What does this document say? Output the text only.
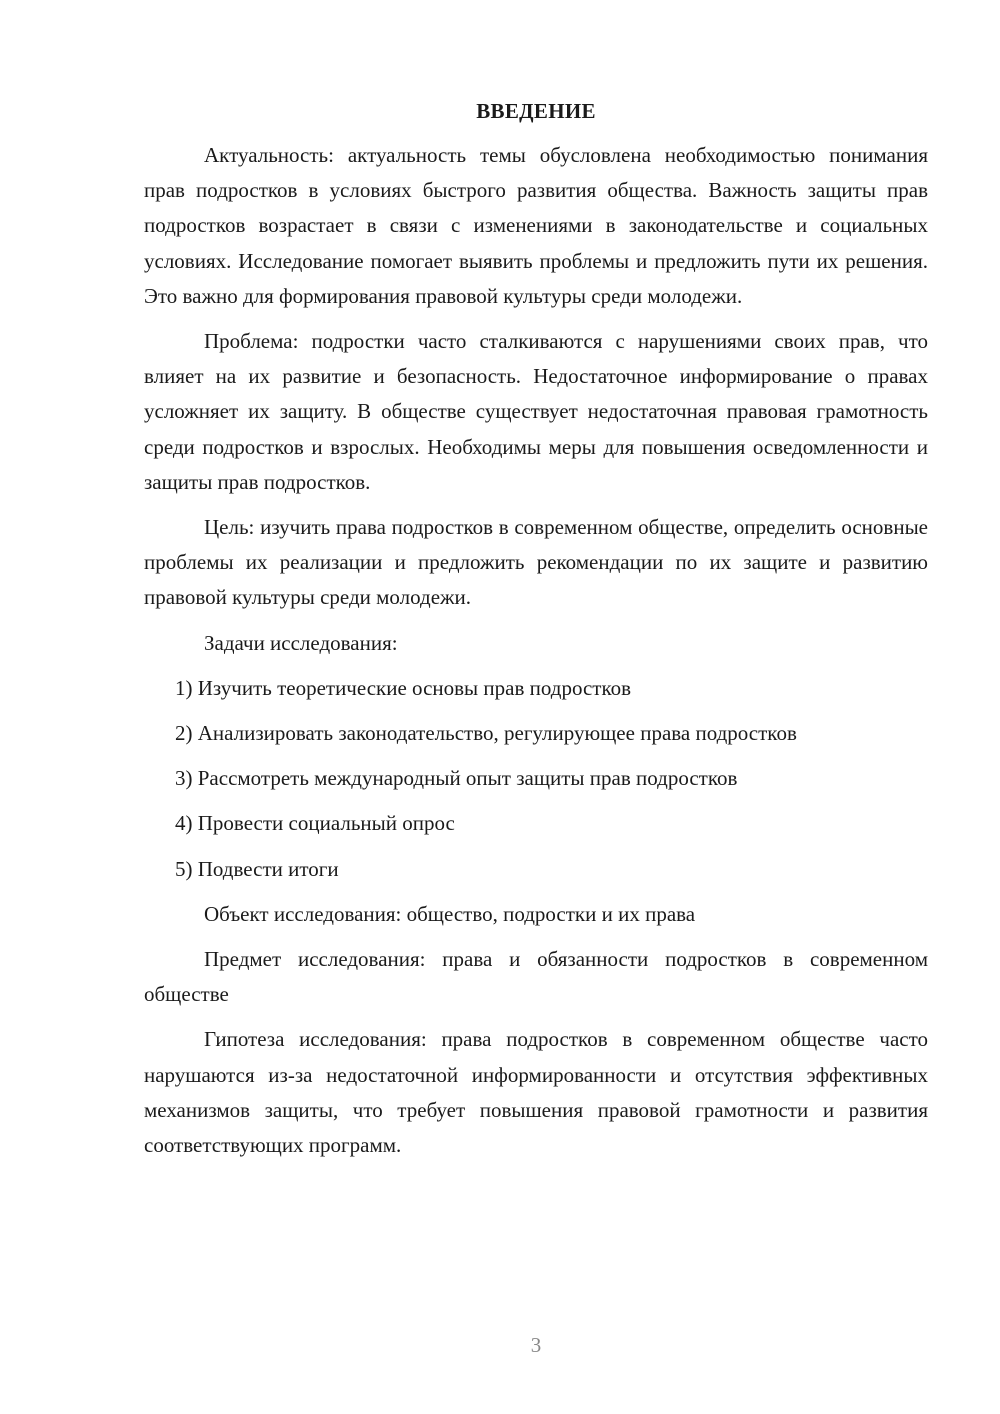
ВВЕДЕНИЕ

Актуальность: актуальность темы обусловлена необходимостью понимания прав подростков в условиях быстрого развития общества. Важность защиты прав подростков возрастает в связи с изменениями в законодательстве и социальных условиях. Исследование помогает выявить проблемы и предложить пути их решения. Это важно для формирования правовой культуры среди молодежи.

Проблема: подростки часто сталкиваются с нарушениями своих прав, что влияет на их развитие и безопасность. Недостаточное информирование о правах усложняет их защиту. В обществе существует недостаточная правовая грамотность среди подростков и взрослых. Необходимы меры для повышения осведомленности и защиты прав подростков.

Цель: изучить права подростков в современном обществе, определить основные проблемы их реализации и предложить рекомендации по их защите и развитию правовой культуры среди молодежи.

Задачи исследования:

1) Изучить теоретические основы прав подростков
2) Анализировать законодательство, регулирующее права подростков
3) Рассмотреть международный опыт защиты прав подростков
4) Провести социальный опрос
5) Подвести итоги

Объект исследования: общество, подростки и их права

Предмет исследования: права и обязанности подростков в современном обществе

Гипотеза исследования: права подростков в современном обществе часто нарушаются из-за недостаточной информированности и отсутствия эффективных механизмов защиты, что требует повышения правовой грамотности и развития соответствующих программ.

3
